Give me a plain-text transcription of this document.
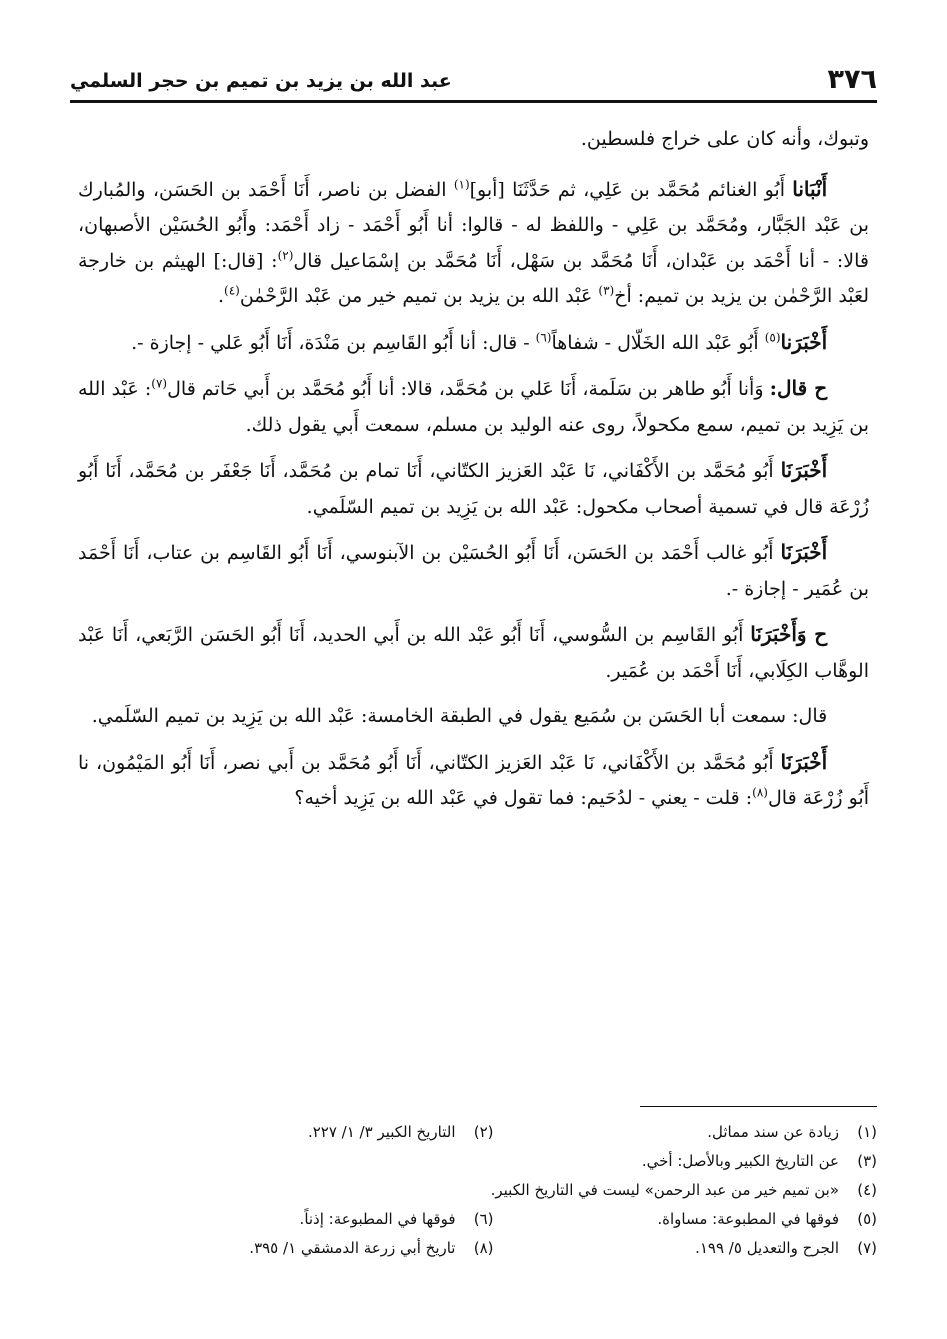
٣٧٦
عبد الله بن يزيد بن تميم بن حجر السلمي

وتبوك، وأنه كان على خراج فلسطين.

أَنْبَانا أَبُو الغنائم مُحَمَّد بن عَلِي، ثم حَدَّثَنَا [أبو]$^{(١)}$ الفضل بن ناصر، أَنَا أَحْمَد بن الحَسَن، والمُبارك بن عَبْد الجَبَّار، ومُحَمَّد بن عَلِي - واللفظ له - قالوا: أنا أَبُو أَحْمَد - زاد أَحْمَد: وأَبُو الحُسَيْن الأصبهان، قالا: - أنا أَحْمَد بن عَبْدان، أَنَا مُحَمَّد بن سَهْل، أَنَا مُحَمَّد بن إسْمَاعيل قال$^{(٢)}$: [قال:] الهيثم بن خارجة لعَبْد الرَّحْمٰن بن يزيد بن تميم: أخ$^{(٣)}$ عَبْد الله بن يزيد بن تميم خير من عَبْد الرَّحْمٰن$^{(٤)}$.

أَخْبَرَنا$^{(٥)}$ أَبُو عَبْد الله الخَلّال - شفاهاً$^{(٦)}$ - قال: أنا أَبُو القَاسِم بن مَنْدَة، أَنَا أَبُو عَلي - إجازة -.

ح قال: وَأنا أَبُو طاهر بن سَلَمة، أَنَا عَلي بن مُحَمَّد، قالا: أنا أَبُو مُحَمَّد بن أَبي حَاتم قال$^{(٧)}$: عَبْد الله بن يَزِيد بن تميم، سمع مكحولاً، روى عنه الوليد بن مسلم، سمعت أَبي يقول ذلك.

أَخْبَرَنَا أَبُو مُحَمَّد بن الأَكْفَاني، نَا عَبْد العَزيز الكتّاني، أَنَا تمام بن مُحَمَّد، أَنَا جَعْفَر بن مُحَمَّد، أَنَا أَبُو زُرْعَة قال في تسمية أصحاب مكحول: عَبْد الله بن يَزِيد بن تميم السّلَمي.

أَخْبَرَنَا أَبُو غالب أَحْمَد بن الحَسَن، أَنَا أَبُو الحُسَيْن بن الآبنوسي، أَنَا أَبُو القَاسِم بن عتاب، أَنَا أَحْمَد بن عُمَير - إجازة -.

ح وَأَخْبَرَنَا أَبُو القَاسِم بن السُّوسي، أَنَا أَبُو عَبْد الله بن أَبي الحديد، أَنَا أَبُو الحَسَن الرَّبَعي، أَنَا عَبْد الوهَّاب الكِلَابي، أَنَا أَحْمَد بن عُمَير.

قال: سمعت أبا الحَسَن بن سُمَيع يقول في الطبقة الخامسة: عَبْد الله بن يَزِيد بن تميم السّلَمي.

أَخْبَرَنَا أَبُو مُحَمَّد بن الأَكْفَاني، نَا عَبْد العَزيز الكتّاني، أَنَا أَبُو مُحَمَّد بن أَبي نصر، أَنَا أَبُو المَيْمُون، نا أَبُو زُرْعَة قال$^{(٨)}$: قلت - يعني - لدُحَيم: فما تقول في عَبْد الله بن يَزِيد أخيه؟

(١)
زيادة عن سند مماثل.
(٢)
التاريخ الكبير ٣/ ١/ ٢٢٧.
(٣)
عن التاريخ الكبير وبالأصل: أخي.
(٤)
«بن تميم خير من عبد الرحمن» ليست في التاريخ الكبير.
(٥)
فوقها في المطبوعة: مساواة.
(٦)
فوقها في المطبوعة: إذناً.
(٧)
الجرح والتعديل ٥/ ١٩٩.
(٨)
تاريخ أبي زرعة الدمشقي ١/ ٣٩٥.
